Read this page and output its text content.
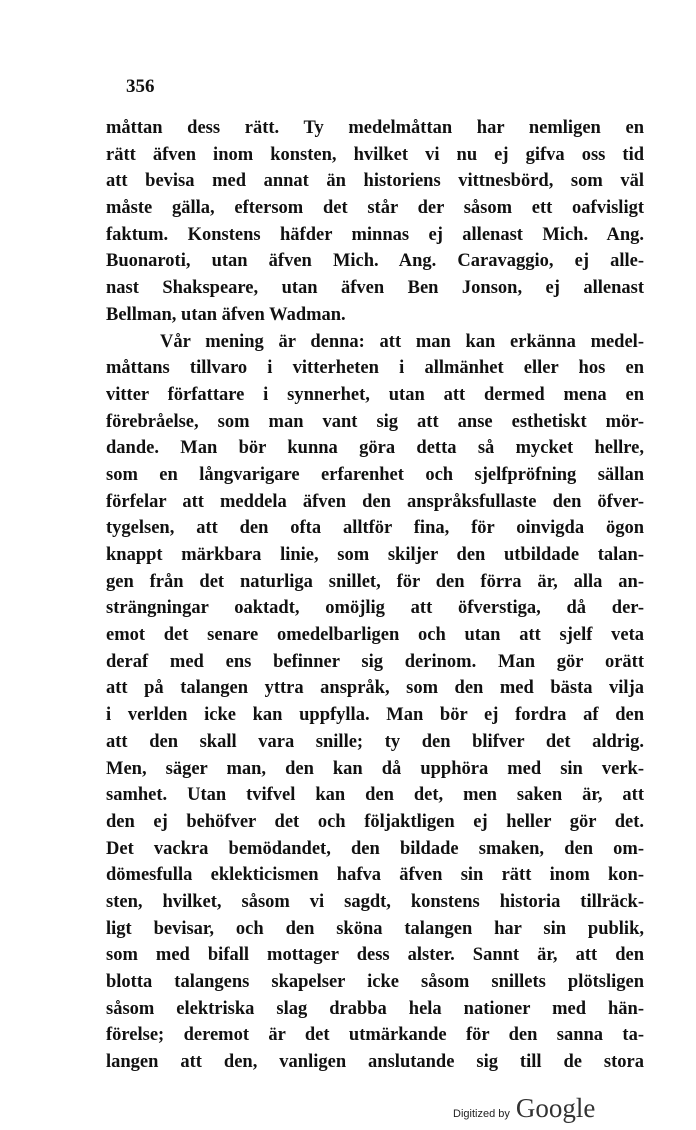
356
måttan dess rätt. Ty medelmåttan har nemligen en
rätt äfven inom konsten, hvilket vi nu ej gifva oss tid
att bevisa med annat än historiens vittnesbörd, som väl
måste gälla, eftersom det står der såsom ett oafvisligt
faktum. Konstens häfder minnas ej allenast Mich. Ang.
Buonaroti, utan äfven Mich. Ang. Caravaggio, ej alle-
nast Shakspeare, utan äfven Ben Jonson, ej allenast
Bellman, utan äfven Wadman.
Vår mening är denna: att man kan erkänna medel-
måttans tillvaro i vitterheten i allmänhet eller hos en
vitter författare i synnerhet, utan att dermed mena en
förebråelse, som man vant sig att anse esthetiskt mör-
dande. Man bör kunna göra detta så mycket hellre,
som en långvarigare erfarenhet och sjelfpröfning sällan
förfelar att meddela äfven den anspråksfullaste den öfver-
tygelsen, att den ofta alltför fina, för oinvigda ögon
knappt märkbara linie, som skiljer den utbildade talan-
gen från det naturliga snillet, för den förra är, alla an-
strängningar oaktadt, omöjlig att öfverstiga, då der-
emot det senare omedelbarligen och utan att sjelf veta
deraf med ens befinner sig derinom. Man gör orätt
att på talangen yttra anspråk, som den med bästa vilja
i verlden icke kan uppfylla. Man bör ej fordra af den
att den skall vara snille; ty den blifver det aldrig.
Men, säger man, den kan då upphöra med sin verk-
samhet. Utan tvifvel kan den det, men saken är, att
den ej behöfver det och följaktligen ej heller gör det.
Det vackra bemödandet, den bildade smaken, den om-
dömesfulla eklekticismen hafva äfven sin rätt inom kon-
sten, hvilket, såsom vi sagdt, konstens historia tillräck-
ligt bevisar, och den sköna talangen har sin publik,
som med bifall mottager dess alster. Sannt är, att den
blotta talangens skapelser icke såsom snillets plötsligen
såsom elektriska slag drabba hela nationer med hän-
förelse; deremot är det utmärkande för den sanna ta-
langen att den, vanligen anslutande sig till de stora
Digitized by Google
